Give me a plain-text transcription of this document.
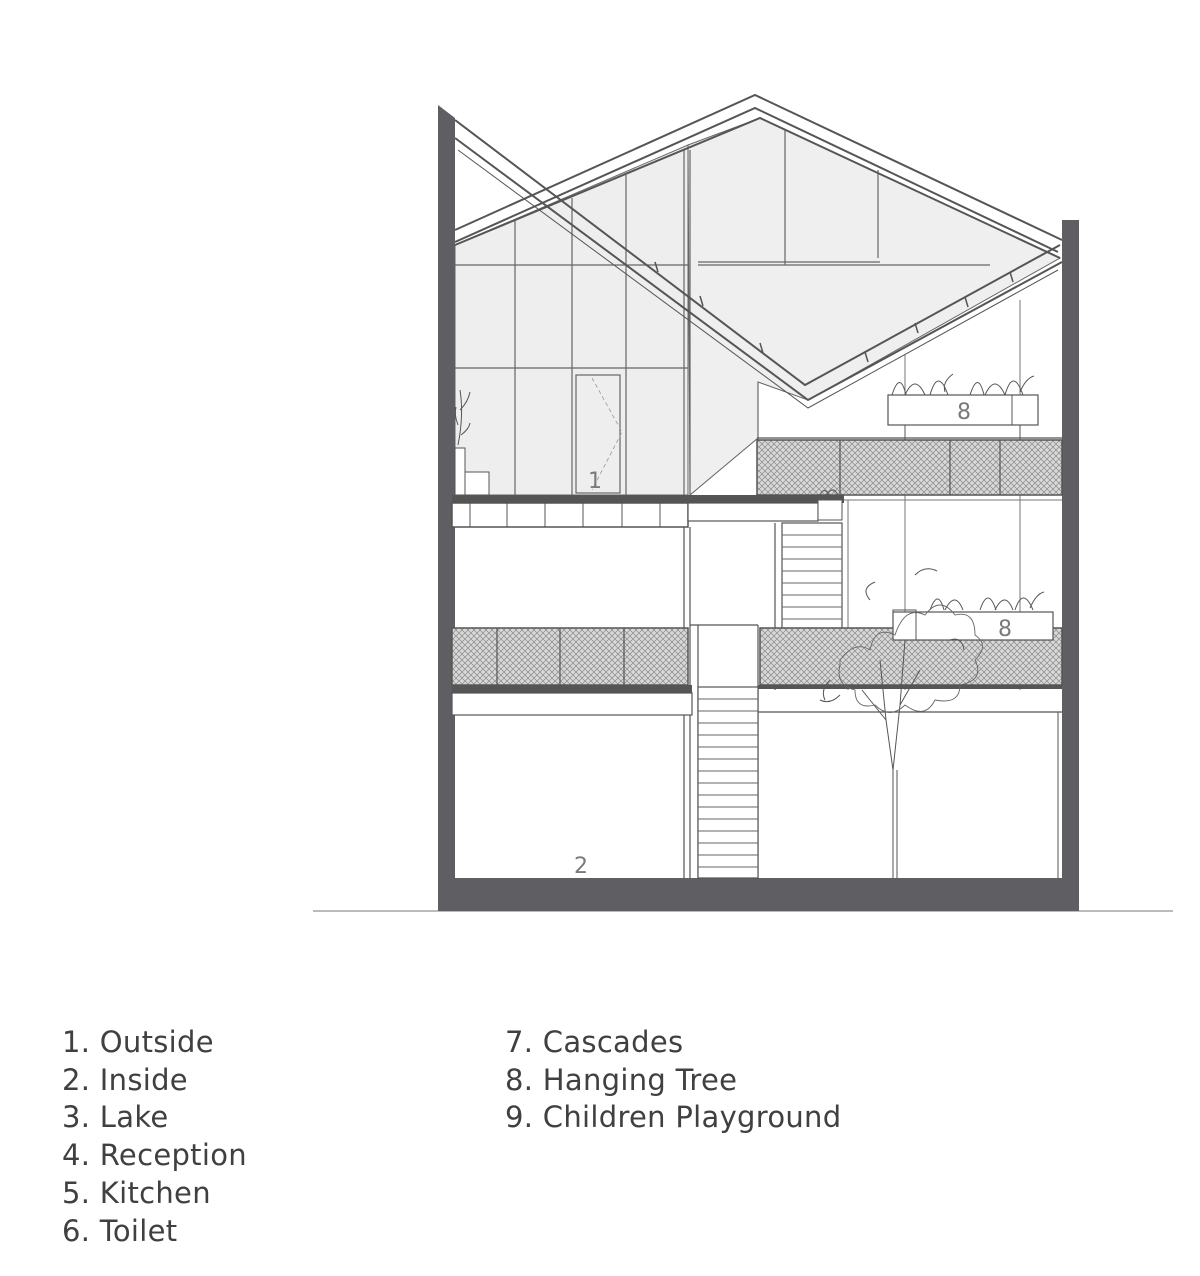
1
2
8
8
1. Outside
2. Inside
3. Lake
4. Reception
5. Kitchen
6. Toilet
7. Cascades
8. Hanging Tree
9. Children Playground
